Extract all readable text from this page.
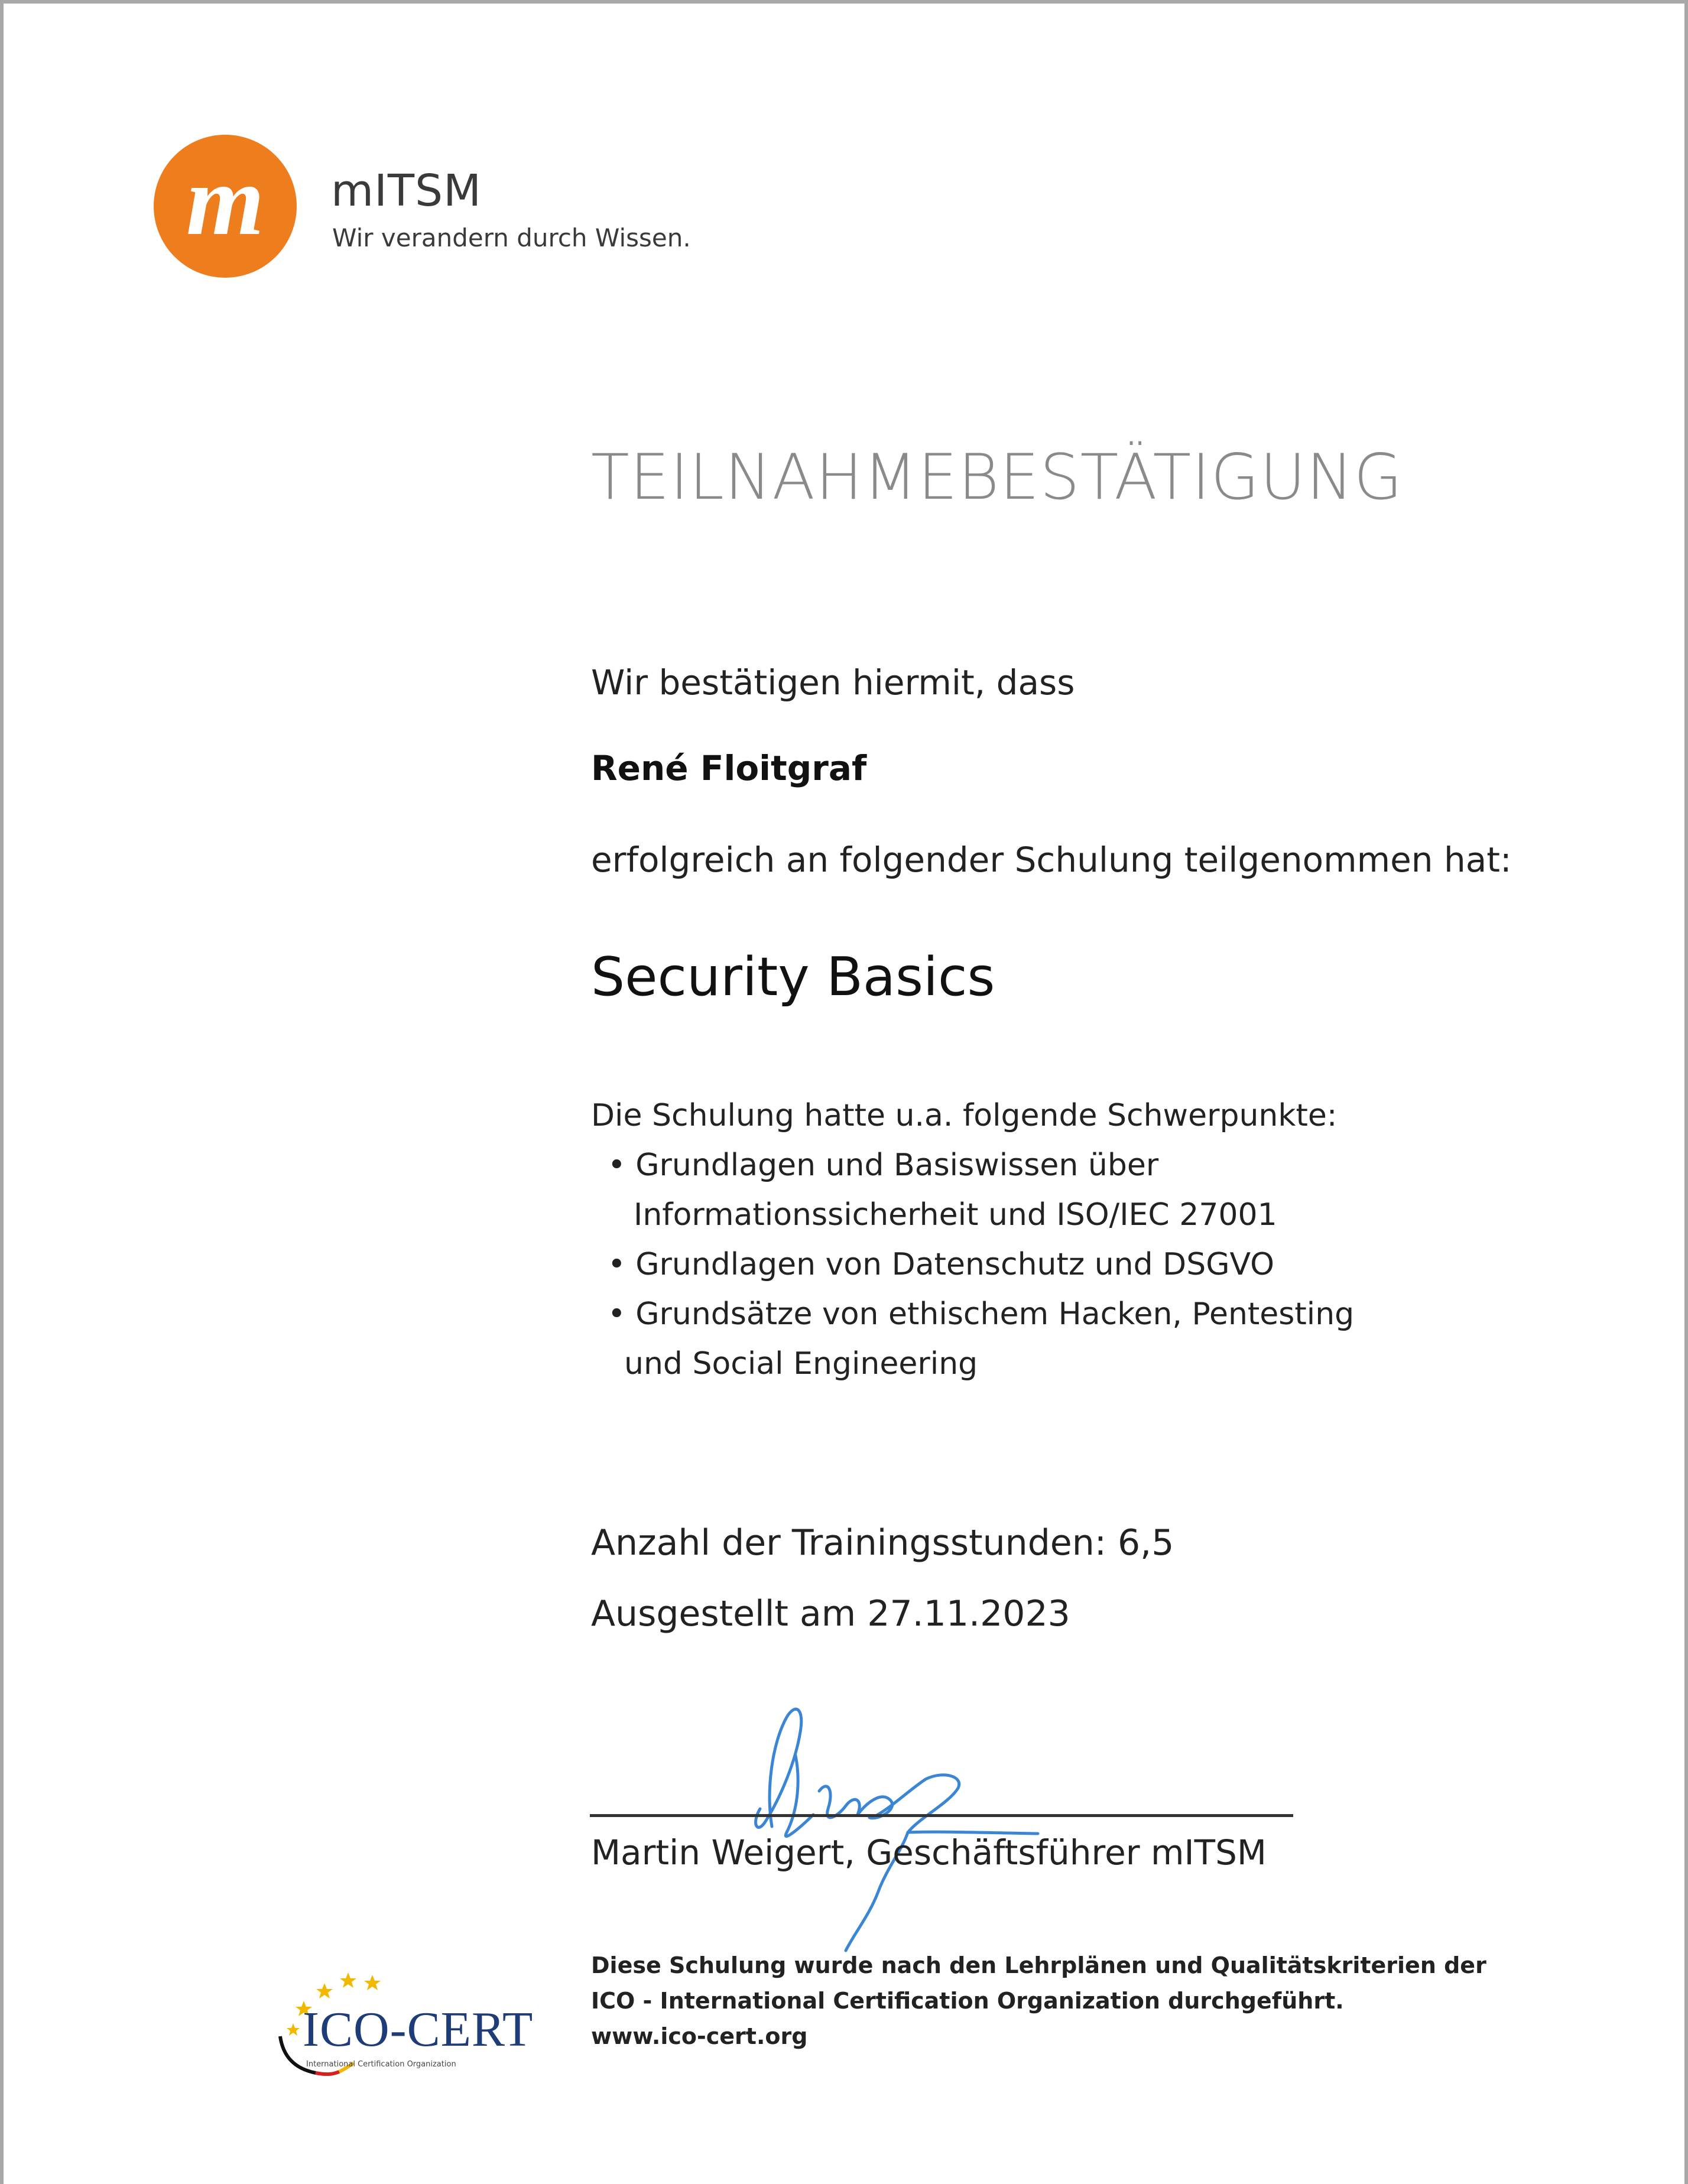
m mITSM
Wir verandern durch Wissen.
TEILNAHMEBESTÄTIGUNG
Wir bestätigen hiermit, dass
René Floitgraf
erfolgreich an folgender Schulung teilgenommen hat:
Security Basics
Die Schulung hatte u.a. folgende Schwerpunkte:
• Grundlagen und Basiswissen über
Informationssicherheit und ISO/IEC 27001
• Grundlagen von Datenschutz und DSGVO
• Grundsätze von ethischem Hacken, Pentesting
und Social Engineering
Anzahl der Trainingsstunden: 6,5
Ausgestellt am 27.11.2023
Martin Weigert, Geschäftsführer mITSM
ICO-CERT
International Certification Organization
Diese Schulung wurde nach den Lehrplänen und Qualitätskriterien der
ICO - International Certification Organization durchgeführt.
www.ico-cert.org
